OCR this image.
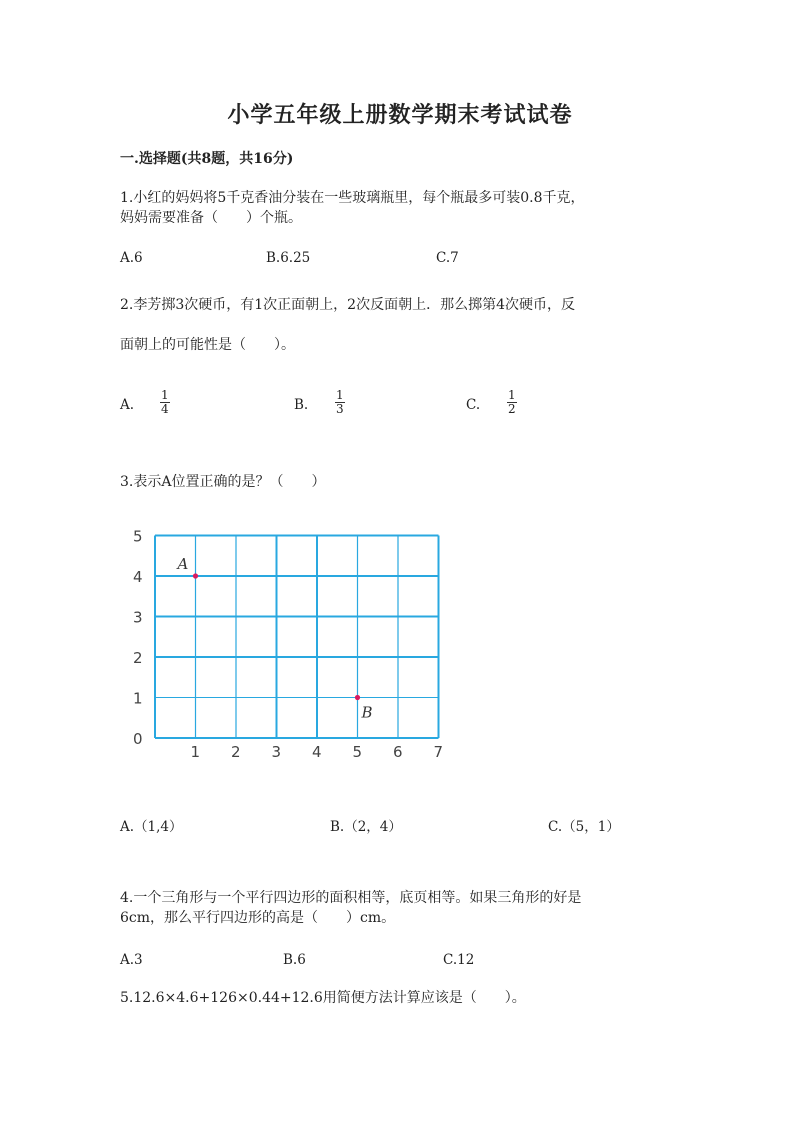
小学五年级上册数学期末考试试卷
一.选择题(共8题，共16分)
1.小红的妈妈将5千克香油分装在一些玻璃瓶里，每个瓶最多可装0.8千克，
妈妈需要准备（　　）个瓶。
A.6	B.6.25	C.7
2.李芳掷3次硬币，有1次正面朝上，2次反面朝上．那么掷第4次硬币，反
面朝上的可能性是（　　）。
A. $\frac{1}{4}$	B. $\frac{1}{3}$	C. $\frac{1}{2}$
3.表示A位置正确的是？（　　）
0
1 2 3 4 5 6 7
1
2
3
4
5
A
B
A.（1,4）	B.（2，4）	C.（5，1）
4.一个三角形与一个平行四边形的面积相等，底页相等。如果三角形的好是
6cm，那么平行四边形的高是（　　）cm。
A.3	B.6	C.12
5.12.6×4.6+126×0.44+12.6用简便方法计算应该是（　　）。
